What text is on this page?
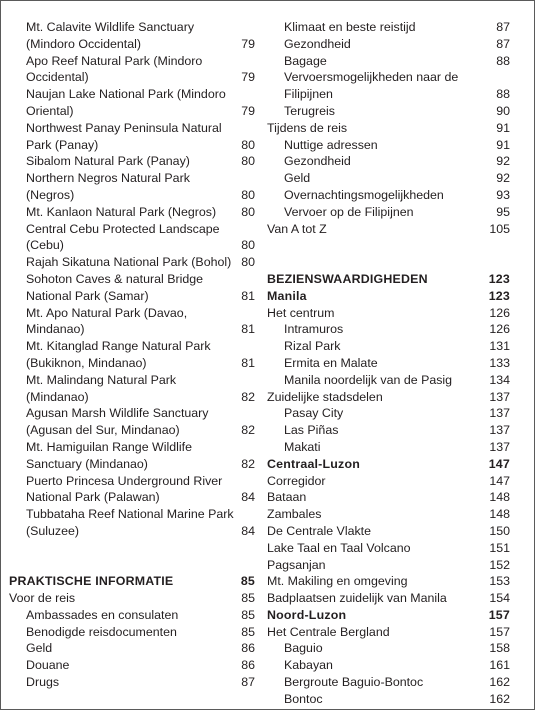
Mt. Calavite Wildlife Sanctuary (Mindoro Occidental)	79
Apo Reef Natural Park (Mindoro Occidental)	79
Naujan Lake National Park (Mindoro Oriental)	79
Northwest Panay Peninsula Natural Park (Panay)	80
Sibalom Natural Park (Panay)	80
Northern Negros Natural Park (Negros)	80
Mt. Kanlaon Natural Park (Negros)	80
Central Cebu Protected Landscape (Cebu)	80
Rajah Sikatuna National Park (Bohol) 80
Sohoton Caves & natural Bridge National Park (Samar)	81
Mt. Apo Natural Park (Davao, Mindanao)	81
Mt. Kitanglad Range Natural Park (Bukiknon, Mindanao)	81
Mt. Malindang Natural Park (Mindanao)	82
Agusan Marsh Wildlife Sanctuary (Agusan del Sur, Mindanao)	82
Mt. Hamiguilan Range Wildlife Sanctuary (Mindanao)	82
Puerto Princesa Underground River National Park (Palawan)	84
Tubbataha Reef National Marine Park (Suluzee)	84
PRAKTISCHE INFORMATIE	85
Voor de reis	85
Ambassades en consulaten	85
Benodigde reisdocumenten	85
Geld	86
Douane	86
Drugs	87
Klimaat en beste reistijd	87
Gezondheid	87
Bagage	88
Vervoersmogelijkheden naar de Filipijnen	88
Terugreis	90
Tijdens de reis	91
Nuttige adressen	91
Gezondheid	92
Geld	92
Overnachtingsmogelijkheden	93
Vervoer op de Filipijnen	95
Van A tot Z	105
BEZIENSWAARDIGHEDEN	123
Manila	123
Het centrum	126
Intramuros	126
Rizal Park	131
Ermita en Malate	133
Manila noordelijk van de Pasig	134
Zuidelijke stadsdelen	137
Pasay City	137
Las Piñas	137
Makati	137
Centraal-Luzon	147
Corregidor	147
Bataan	148
Zambales	148
De Centrale Vlakte	150
Lake Taal en Taal Volcano	151
Pagsanjan	152
Mt. Makiling en omgeving	153
Badplaatsen zuidelijk van Manila	154
Noord-Luzon	157
Het Centrale Bergland	157
Baguio	158
Kabayan	161
Bergroute Baguio-Bontoc	162
Bontoc	162
